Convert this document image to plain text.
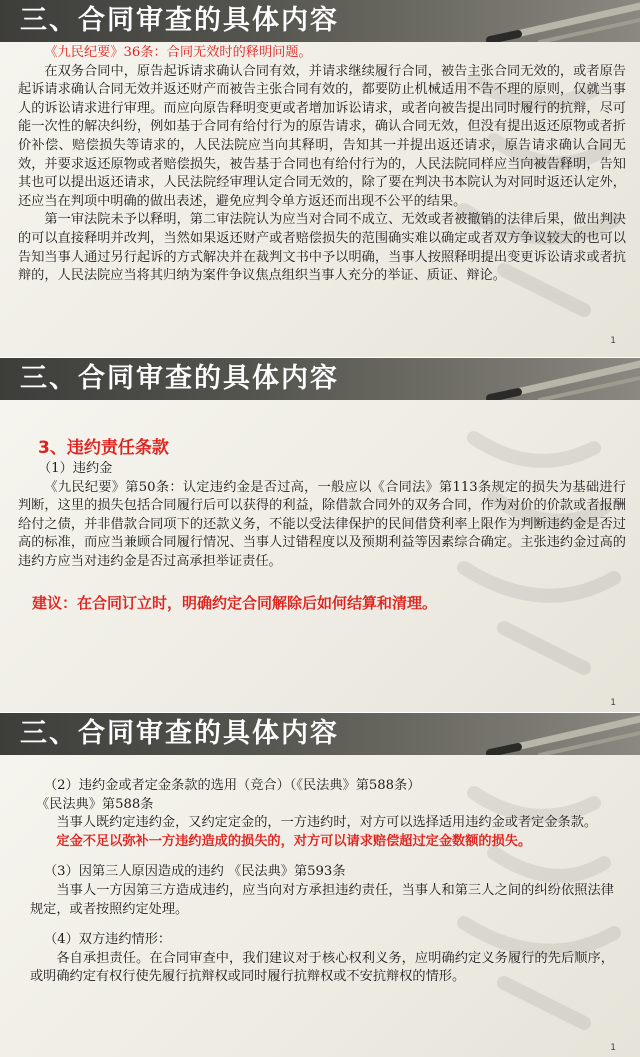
三、合同审查的具体内容

《九民纪要》36条：合同无效时的释明问题。

在双务合同中，原告起诉请求确认合同有效，并请求继续履行合同，被告主张合同无效的，或者原告起诉请求确认合同无效并返还财产而被告主张合同有效的，都要防止机械适用不告不理的原则，仅就当事人的诉讼请求进行审理。而应向原告释明变更或者增加诉讼请求，或者向被告提出同时履行的抗辩，尽可能一次性的解决纠纷，例如基于合同有给付行为的原告请求，确认合同无效，但没有提出返还原物或者折价补偿、赔偿损失等请求的，人民法院应当向其释明，告知其一并提出返还请求，原告请求确认合同无效，并要求返还原物或者赔偿损失，被告基于合同也有给付行为的，人民法院同样应当向被告释明，告知其也可以提出返还请求，人民法院经审理认定合同无效的，除了要在判决书本院认为对同时返还认定外，还应当在判项中明确的做出表述，避免应判令单方返还而出现不公平的结果。

第一审法院未予以释明，第二审法院认为应当对合同不成立、无效或者被撤销的法律后果，做出判决的可以直接释明并改判，当然如果返还财产或者赔偿损失的范围确实难以确定或者双方争议较大的也可以告知当事人通过另行起诉的方式解决并在裁判文书中予以明确，当事人按照释明提出变更诉讼请求或者抗辩的，人民法院应当将其归纳为案件争议焦点组织当事人充分的举证、质证、辩论。

1
三、合同审查的具体内容

3、违约责任条款

（1）违约金

《九民纪要》第50条：认定违约金是否过高，一般应以《合同法》第113条规定的损失为基础进行判断，这里的损失包括合同履行后可以获得的利益，除借款合同外的双务合同，作为对价的价款或者报酬给付之债，并非借款合同项下的还款义务，不能以受法律保护的民间借贷利率上限作为判断违约金是否过高的标准，而应当兼顾合同履行情况、当事人过错程度以及预期利益等因素综合确定。主张违约金过高的违约方应当对违约金是否过高承担举证责任。

建议：在合同订立时，明确约定合同解除后如何结算和清理。

1
三、合同审查的具体内容

（2）违约金或者定金条款的选用（竞合）（《民法典》第588条）

《民法典》第588条

当事人既约定违约金，又约定定金的，一方违约时，对方可以选择适用违约金或者定金条款。

定金不足以弥补一方违约造成的损失的，对方可以请求赔偿超过定金数额的损失。

（3）因第三人原因造成的违约 《民法典》第593条

当事人一方因第三方造成违约，应当向对方承担违约责任，当事人和第三人之间的纠纷依照法律规定，或者按照约定处理。

（4）双方违约情形：

各自承担责任。在合同审查中，我们建议对于核心权利义务，应明确约定义务履行的先后顺序，或明确约定有权行使先履行抗辩权或同时履行抗辩权或不安抗辩权的情形。

1
